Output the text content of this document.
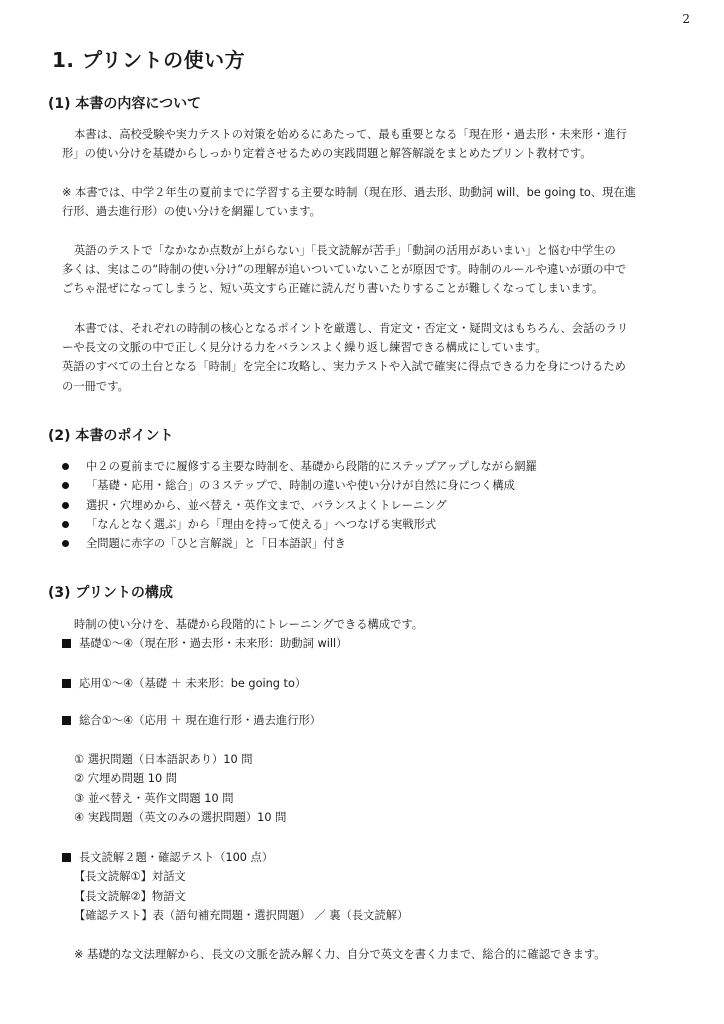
2
1. プリントの使い方
(1) 本書の内容について
本書は、高校受験や実力テストの対策を始めるにあたって、最も重要となる「現在形・過去形・未来形・進行
形」の使い分けを基礎からしっかり定着させるための実践問題と解答解説をまとめたプリント教材です。
※ 本書では、中学２年生の夏前までに学習する主要な時制（現在形、過去形、助動詞 will、be going to、現在進
行形、過去進行形）の使い分けを網羅しています。
英語のテストで「なかなか点数が上がらない」「長文読解が苦手」「動詞の活用があいまい」と悩む中学生の
多くは、実はこの“時制の使い分け”の理解が追いついていないことが原因です。時制のルールや違いが頭の中で
ごちゃ混ぜになってしまうと、短い英文すら正確に読んだり書いたりすることが難しくなってしまいます。
本書では、それぞれの時制の核心となるポイントを厳選し、肯定文・否定文・疑問文はもちろん、会話のラリ
ーや長文の文脈の中で正しく見分ける力をバランスよく繰り返し練習できる構成にしています。
英語のすべての土台となる「時制」を完全に攻略し、実力テストや入試で確実に得点できる力を身につけるため
の一冊です。
(2) 本書のポイント
中２の夏前までに履修する主要な時制を、基礎から段階的にステップアップしながら網羅
「基礎・応用・総合」の３ステップで、時制の違いや使い分けが自然に身につく構成
選択・穴埋めから、並べ替え・英作文まで、バランスよくトレーニング
「なんとなく選ぶ」から「理由を持って使える」へつなげる実戦形式
全問題に赤字の「ひと言解説」と「日本語訳」付き
(3) プリントの構成
時制の使い分けを、基礎から段階的にトレーニングできる構成です。
基礎①～④（現在形・過去形・未来形：助動詞 will）
応用①～④（基礎 ＋ 未来形：be going to）
総合①～④（応用 ＋ 現在進行形・過去進行形）
① 選択問題（日本語訳あり）10 問
② 穴埋め問題 10 問
③ 並べ替え・英作文問題 10 問
④ 実践問題（英文のみの選択問題）10 問
長文読解２題・確認テスト（100 点）
【長文読解①】対話文
【長文読解②】物語文
【確認テスト】表（語句補充問題・選択問題） ／ 裏（長文読解）
※ 基礎的な文法理解から、長文の文脈を読み解く力、自分で英文を書く力まで、総合的に確認できます。
